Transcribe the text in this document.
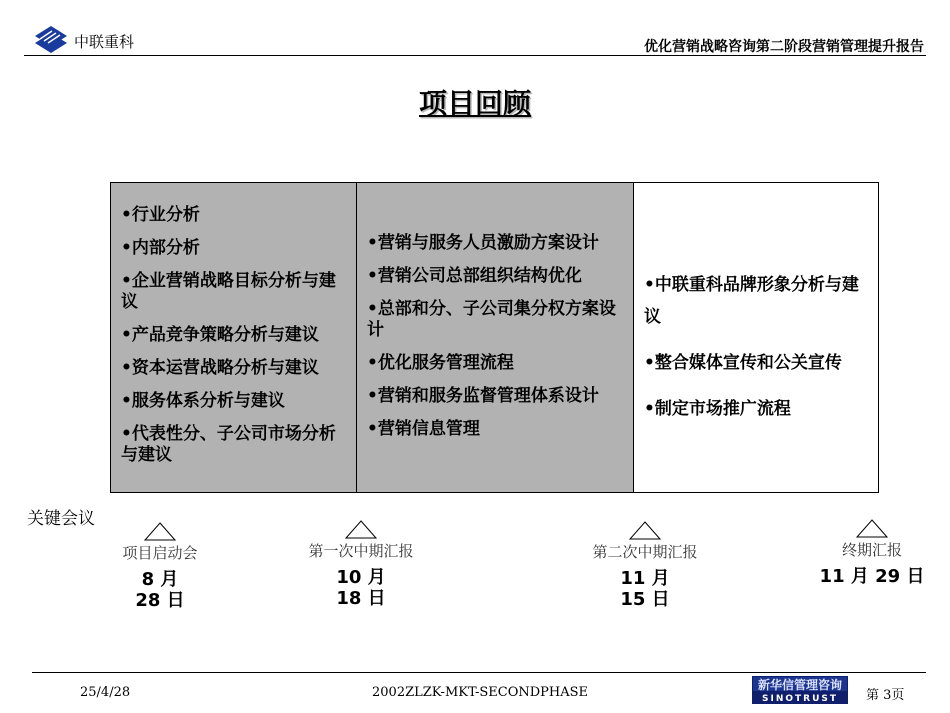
中联重科	优化营销战略咨询第二阶段营销管理提升报告
项目回顾
•行业分析
•内部分析
•企业营销战略目标分析与建议
•产品竞争策略分析与建议
•资本运营战略分析与建议
•服务体系分析与建议
•代表性分、子公司市场分析与建议
•营销与服务人员激励方案设计
•营销公司总部组织结构优化
•总部和分、子公司集分权方案设计
•优化服务管理流程
•营销和服务监督管理体系设计
•营销信息管理
•中联重科品牌形象分析与建议
•整合媒体宣传和公关宣传
•制定市场推广流程
关键会议
项目启动会
8 月 28 日
第一次中期汇报
10 月 18 日
第二次中期汇报
11 月 15 日
终期汇报
11 月 29 日
25/4/28	2002ZLZK-MKT-SECONDPHASE	新华信管理咨询
SINOTRUST 第 3页
